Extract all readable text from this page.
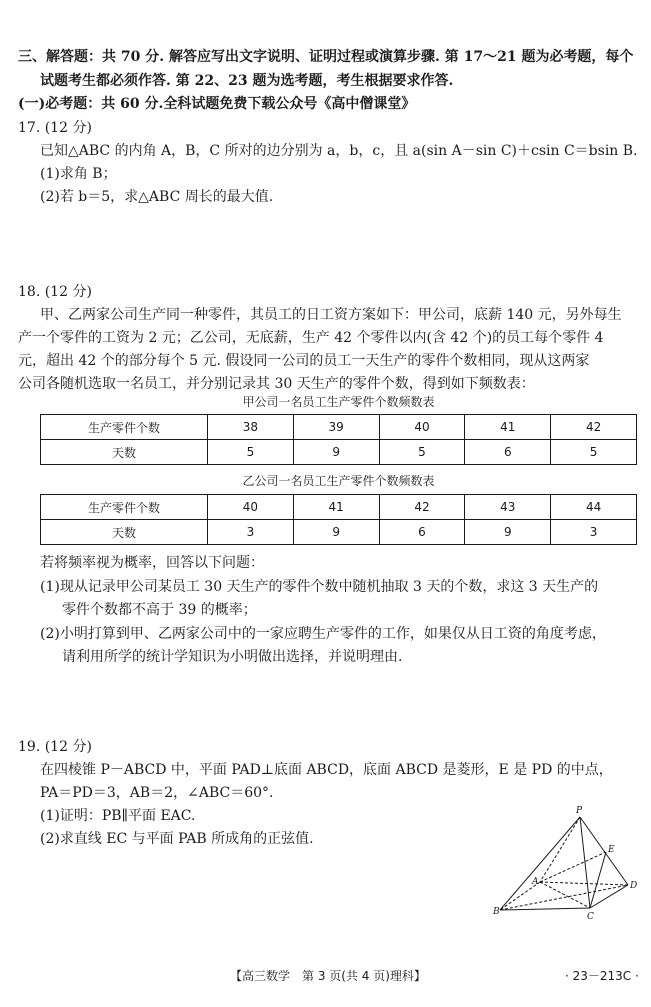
三、解答题：共 70 分. 解答应写出文字说明、证明过程或演算步骤. 第 17～21 题为必考题，每个
试题考生都必须作答. 第 22、23 题为选考题，考生根据要求作答.
(一)必考题：共 60 分.全科试题免费下载公众号《高中僧课堂》
17. (12 分)
已知△ABC 的内角 A，B，C 所对的边分别为 a，b，c，且 a(sin A－sin C)＋csin C＝bsin B.
(1)求角 B；
(2)若 b＝5，求△ABC 周长的最大值.
18. (12 分)
甲、乙两家公司生产同一种零件，其员工的日工资方案如下：甲公司，底薪 140 元，另外每生
产一个零件的工资为 2 元；乙公司，无底薪，生产 42 个零件以内(含 42 个)的员工每个零件 4
元，超出 42 个的部分每个 5 元. 假设同一公司的员工一天生产的零件个数相同，现从这两家
公司各随机选取一名员工，并分别记录其 30 天生产的零件个数，得到如下频数表：
甲公司一名员工生产零件个数频数表
生产零件个数	38	39	40	41	42
天数	5	9	5	6	5
乙公司一名员工生产零件个数频数表
生产零件个数	40	41	42	43	44
天数	3	9	6	9	3
若将频率视为概率，回答以下问题：
(1)现从记录甲公司某员工 30 天生产的零件个数中随机抽取 3 天的个数，求这 3 天生产的
零件个数都不高于 39 的概率；
(2)小明打算到甲、乙两家公司中的一家应聘生产零件的工作，如果仅从日工资的角度考虑，
请利用所学的统计学知识为小明做出选择，并说明理由.
19. (12 分)
在四棱锥 P－ABCD 中，平面 PAD⊥底面 ABCD，底面 ABCD 是菱形，E 是 PD 的中点，
PA＝PD＝3，AB＝2，∠ABC＝60°.
(1)证明：PB∥平面 EAC.
(2)求直线 EC 与平面 PAB 所成角的正弦值.
P
E
A
B	C
D
【高三数学　第 3 页(共 4 页)理科】	· 23－213C ·
